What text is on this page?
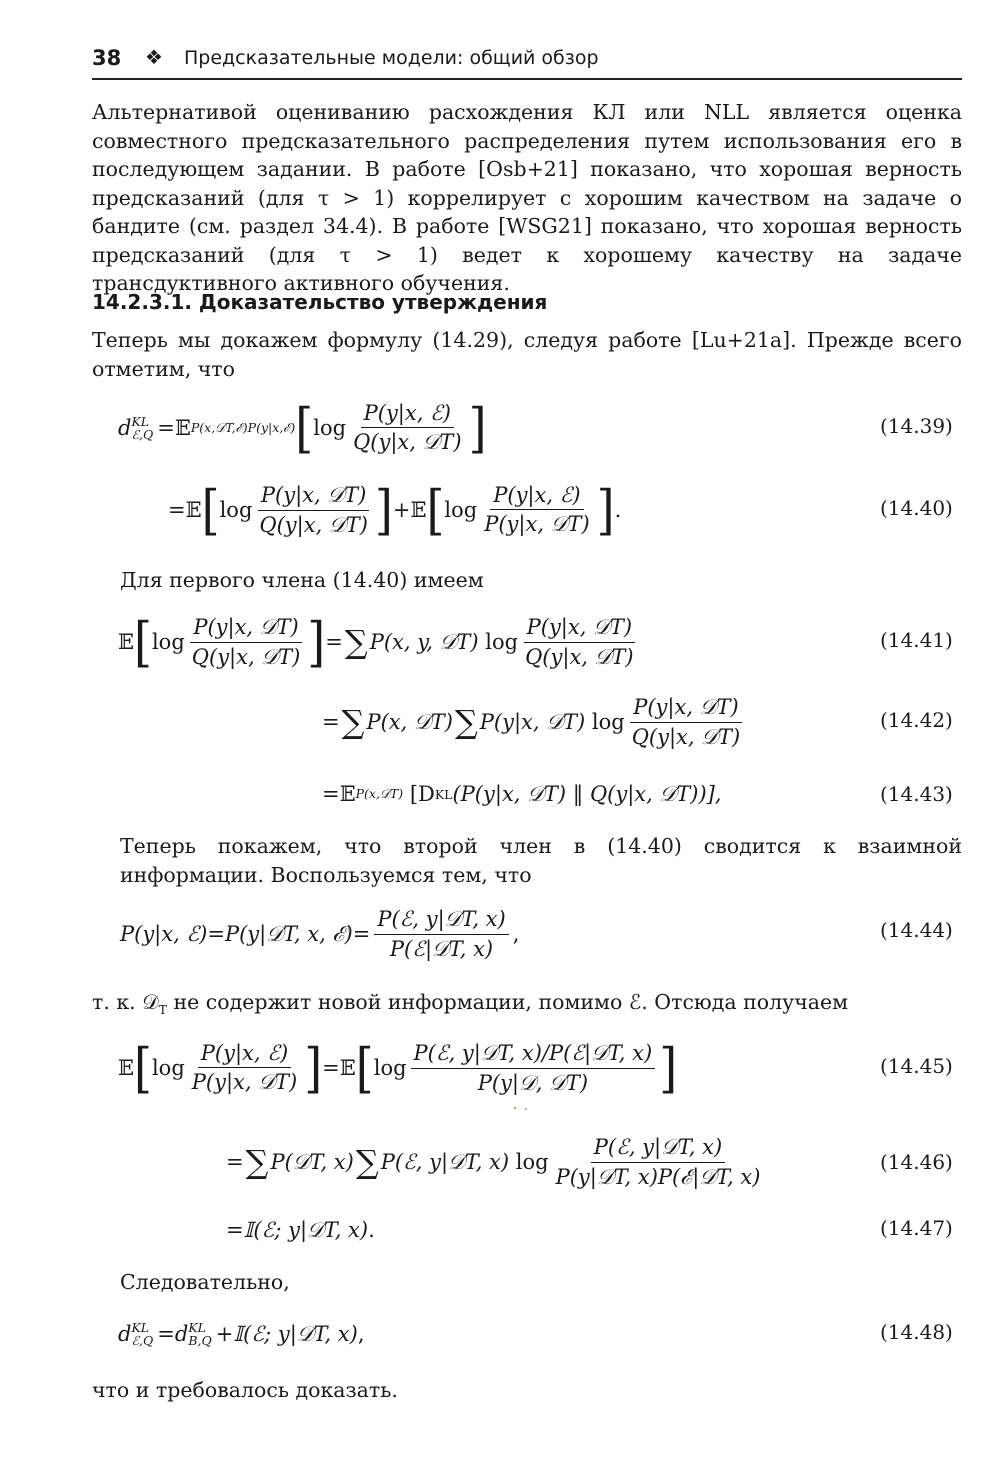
38 ❖ Предсказательные модели: общий обзор
Альтернативой оцениванию расхождения КЛ или NLL является оценка совместного предсказательного распределения путем использования его в последующем задании. В работе [Osb+21] показано, что хорошая верность предсказаний (для τ > 1) коррелирует с хорошим качеством на задаче о бандите (см. раздел 34.4). В работе [WSG21] показано, что хорошая верность предсказаний (для τ > 1) ведет к хорошему качеству на задаче трансдуктивного активного обучения.
14.2.3.1. Доказательство утверждения
Теперь мы докажем формулу (14.29), следуя работе [Lu+21a]. Прежде всего отметим, что
d KL
ℰ,Q = 𝔼 P(x,𝒟T,ℰ)P(y|x,ℰ) [ $\log \frac{\text{P(y|x, ℰ)}}{\text{Q(y|x, 𝒟T)}}$ ]	(14.39)
= 𝔼 [ $\log \frac{\text{P(y|x, 𝒟T)}}{\text{Q(y|x, 𝒟T)}}$ ] + 𝔼 [ $\log \frac{\text{P(y|x, ℰ)}}{\text{P(y|x, 𝒟T)}}$ ] .	(14.40)
Для первого члена (14.40) имеем
𝔼 [ $\log \frac{\text{P(y|x, 𝒟T)}}{\text{Q(y|x, 𝒟T)}}$ ] = ∑ P(x, y, 𝒟T)
$\log \frac{\text{P(y|x, 𝒟T)}}{\text{Q(y|x, 𝒟T)}}$	(14.41)
= ∑ P(x, 𝒟T) ∑ P(y|x, 𝒟T)
$\log \frac{\text{P(y|x, 𝒟T)}}{\text{Q(y|x, 𝒟T)}}$	(14.42)
= 𝔼 P(x,𝒟T)
[D KL (P(y|x, 𝒟T) ‖ Q(y|x, 𝒟T))],	(14.43)
Теперь покажем, что второй член в (14.40) сводится к взаимной информации. Воспользуемся тем, что
P(y|x, ℰ) = P(y|𝒟T, x, ℰ) = $\frac{\text{P(ℰ, y|𝒟T, x)}}{\text{P(ℰ|𝒟T, x)}}$ ,	(14.44)
т. к. 𝒟$_T$ не содержит новой информации, помимо ℰ. Отсюда получаем
𝔼 [ $\log \frac{\text{P(y|x, ℰ)}}{\text{P(y|x, 𝒟T)}}$ ] = 𝔼 [ $\log \frac{\text{P(ℰ, y|𝒟T, x)/P(ℰ|𝒟T, x)}}{\text{P(y|𝒟, 𝒟T)}}$ ]	(14.45)
= ∑ P(𝒟T, x) ∑ P(ℰ, y|𝒟T, x)
$\log \frac{\text{P(ℰ, y|𝒟T, x)}}{\text{P(y|𝒟T, x)P(ℰ|𝒟T, x)}}$	(14.46)
= 𝕀(ℰ; y|𝒟T, x) .	(14.47)
Следовательно,
d KL
ℰ,Q = d KL
B,Q + 𝕀(ℰ; y|𝒟T, x) ,	(14.48)
что и требовалось доказать.
